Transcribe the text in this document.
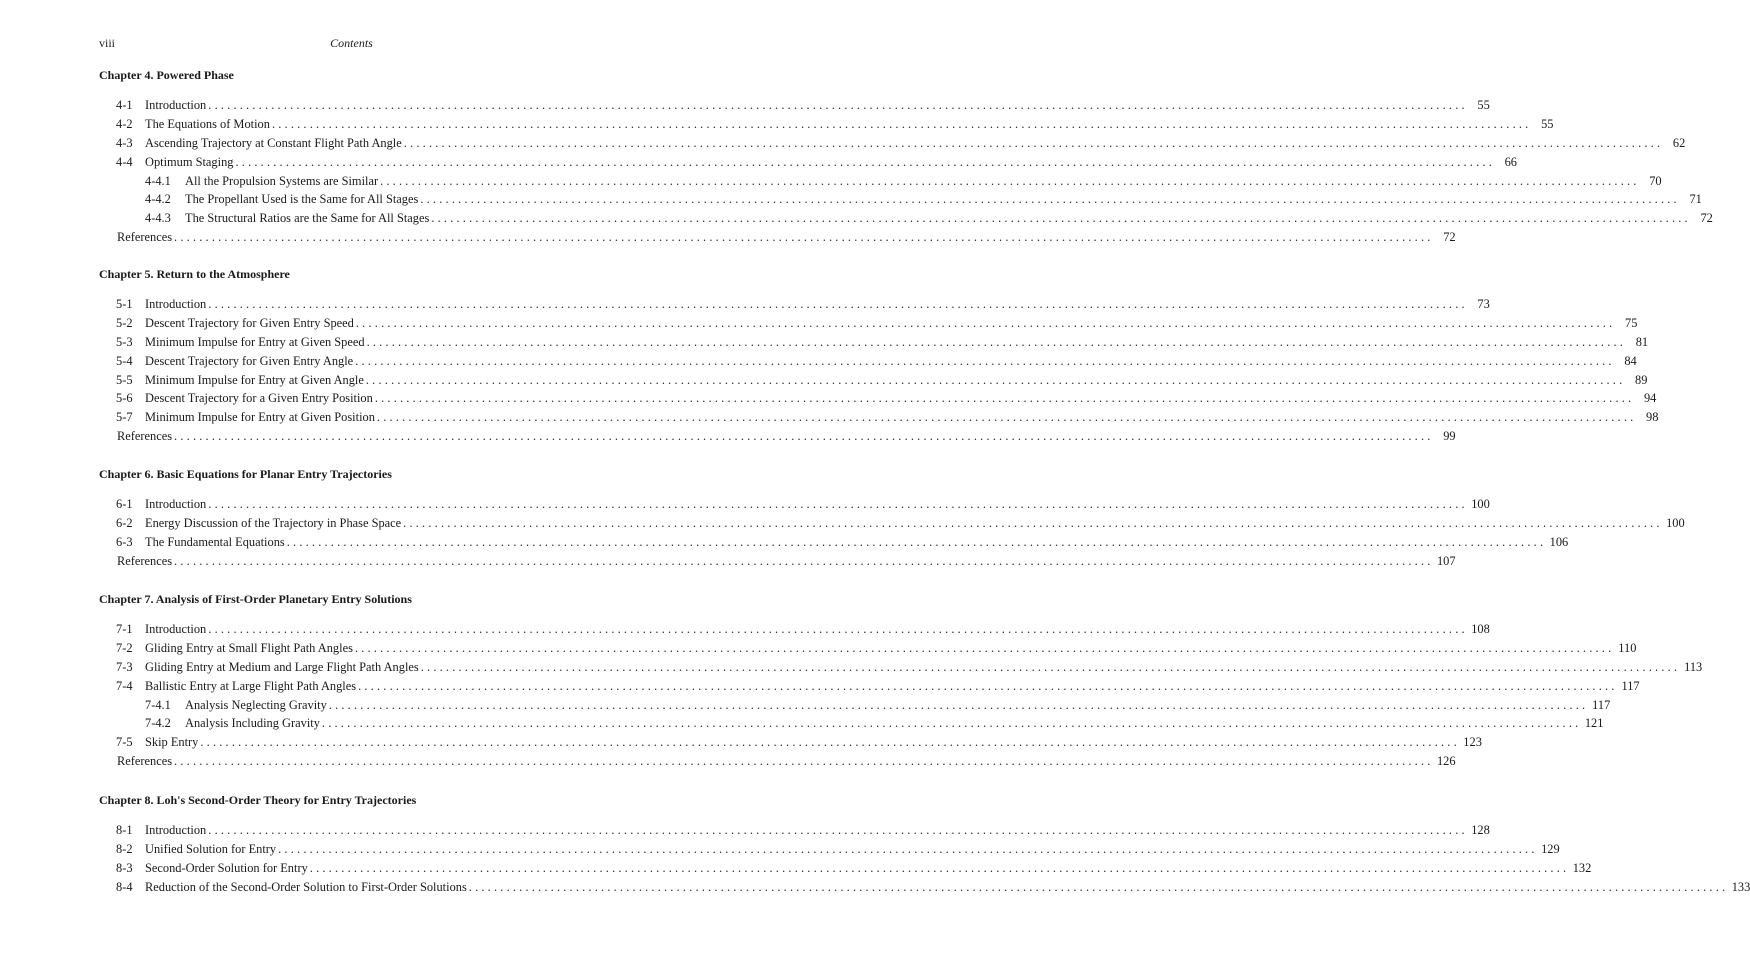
viii	Contents
Chapter 4. Powered Phase
4-1	Introduction ........................................................................................................................................................................................................ 55
4-2	The Equations of Motion ........................................................................................................................................................................................................ 55
4-3	Ascending Trajectory at Constant Flight Path Angle ........................................................................................................................................................................................................ 62
4-4	Optimum Staging ........................................................................................................................................................................................................ 66
4-4.1	All the Propulsion Systems are Similar ........................................................................................................................................................................................................ 70
4-4.2	The Propellant Used is the Same for All Stages ........................................................................................................................................................................................................ 71
4-4.3	The Structural Ratios are the Same for All Stages ........................................................................................................................................................................................................ 72
References ........................................................................................................................................................................................................ 72
Chapter 5. Return to the Atmosphere
5-1	Introduction ........................................................................................................................................................................................................ 73
5-2	Descent Trajectory for Given Entry Speed ........................................................................................................................................................................................................ 75
5-3	Minimum Impulse for Entry at Given Speed ........................................................................................................................................................................................................ 81
5-4	Descent Trajectory for Given Entry Angle ........................................................................................................................................................................................................ 84
5-5	Minimum Impulse for Entry at Given Angle ........................................................................................................................................................................................................ 89
5-6	Descent Trajectory for a Given Entry Position ........................................................................................................................................................................................................ 94
5-7	Minimum Impulse for Entry at Given Position ........................................................................................................................................................................................................ 98
References ........................................................................................................................................................................................................ 99
Chapter 6. Basic Equations for Planar Entry Trajectories
6-1	Introduction ........................................................................................................................................................................................................ 100
6-2	Energy Discussion of the Trajectory in Phase Space ........................................................................................................................................................................................................ 100
6-3	The Fundamental Equations ........................................................................................................................................................................................................ 106
References ........................................................................................................................................................................................................ 107
Chapter 7. Analysis of First-Order Planetary Entry Solutions
7-1	Introduction ........................................................................................................................................................................................................ 108
7-2	Gliding Entry at Small Flight Path Angles ........................................................................................................................................................................................................ 110
7-3	Gliding Entry at Medium and Large Flight Path Angles ........................................................................................................................................................................................................ 113
7-4	Ballistic Entry at Large Flight Path Angles ........................................................................................................................................................................................................ 117
7-4.1	Analysis Neglecting Gravity ........................................................................................................................................................................................................ 117
7-4.2	Analysis Including Gravity ........................................................................................................................................................................................................ 121
7-5	Skip Entry ........................................................................................................................................................................................................ 123
References ........................................................................................................................................................................................................ 126
Chapter 8. Loh's Second-Order Theory for Entry Trajectories
8-1	Introduction ........................................................................................................................................................................................................ 128
8-2	Unified Solution for Entry ........................................................................................................................................................................................................ 129
8-3	Second-Order Solution for Entry ........................................................................................................................................................................................................ 132
8-4	Reduction of the Second-Order Solution to First-Order Solutions ........................................................................................................................................................................................................ 133
